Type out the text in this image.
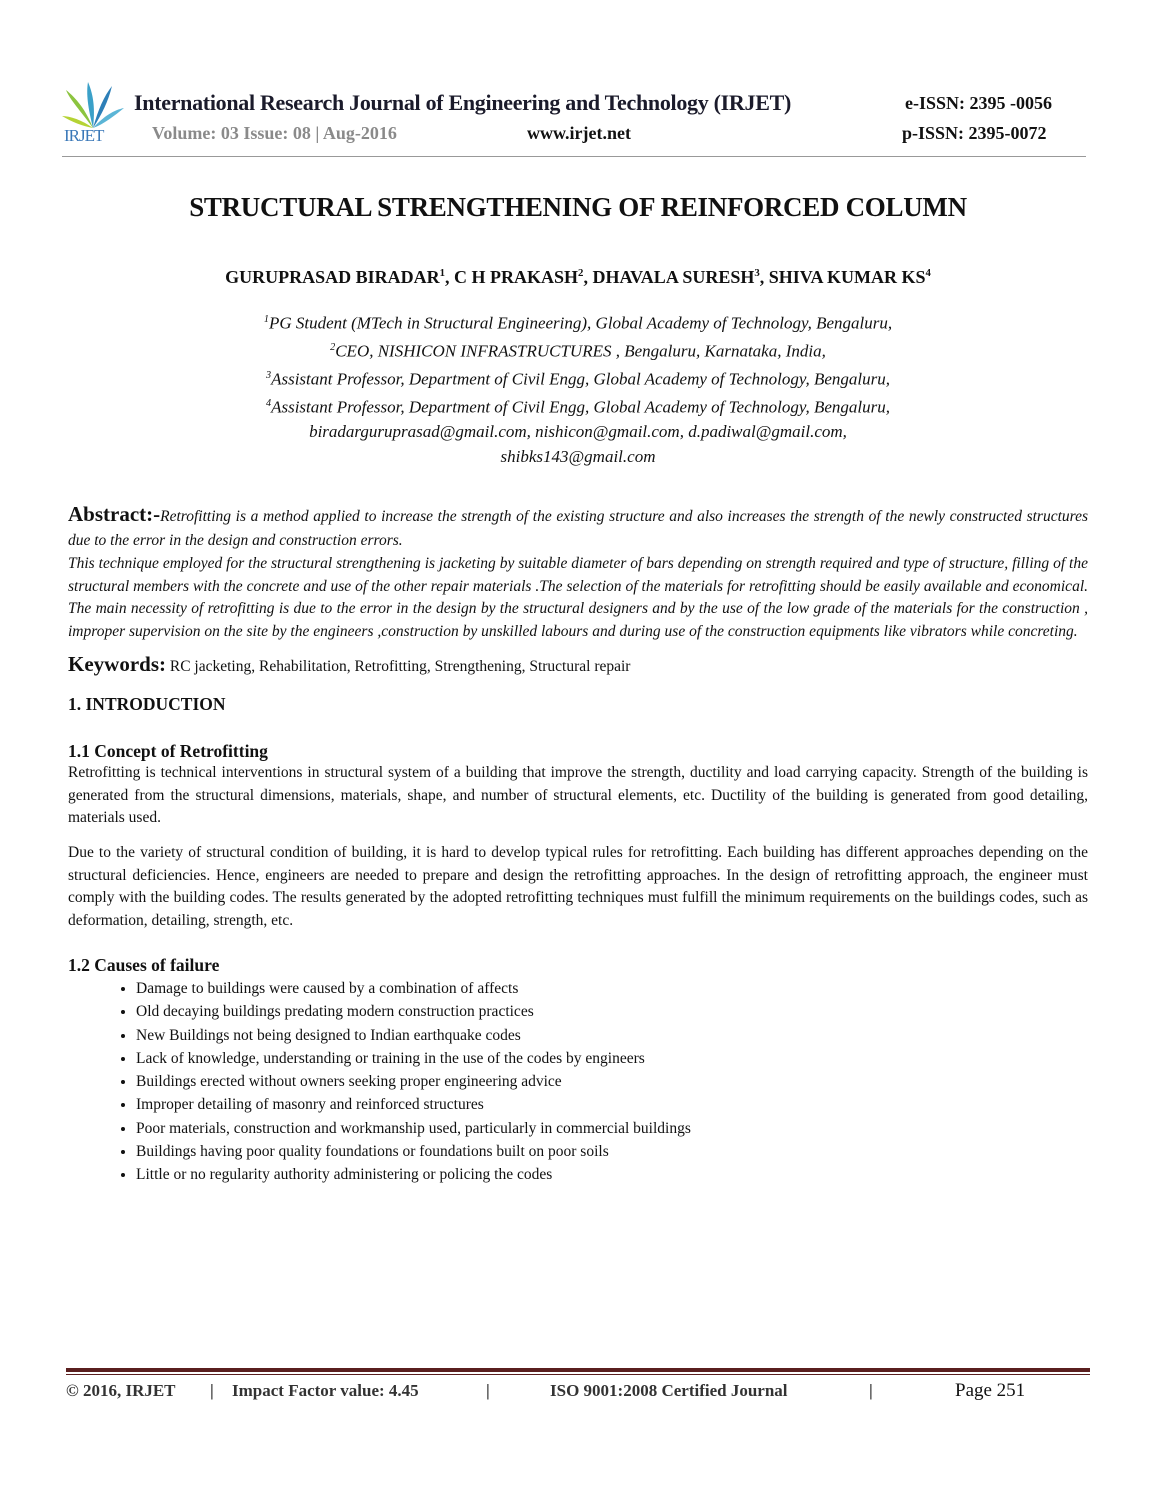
IRJET
International Research Journal of Engineering and Technology (IRJET)	e-ISSN: 2395 -0056
Volume: 03 Issue: 08 | Aug-2016	www.irjet.net	p-ISSN: 2395-0072
STRUCTURAL STRENGTHENING OF REINFORCED COLUMN
GURUPRASAD BIRADAR$^1$, C H PRAKASH$^2$, DHAVALA SURESH$^3$, SHIVA KUMAR $KS^4$
$^1$PG Student (MTech in Structural Engineering), Global Academy of Technology, Bengaluru,
$^2$CEO, NISHICON INFRASTRUCTURES , Bengaluru, Karnataka, India,
$^3$Assistant Professor, Department of Civil Engg, Global Academy of Technology, Bengaluru,
$^4$Assistant Professor, Department of Civil Engg, Global Academy of Technology, Bengaluru,
biradarguruprasad@gmail.com, nishicon@gmail.com, d.padiwal@gmail.com,
shibks143@gmail.com

Abstract:-Retrofitting is a method applied to increase the strength of the existing structure and also increases the strength of the newly constructed structures due to the error in the design and construction errors.

This technique employed for the structural strengthening is jacketing by suitable diameter of bars depending on strength required and type of structure, filling of the structural members with the concrete and use of the other repair materials .The selection of the materials for retrofitting should be easily available and economical. The main necessity of retrofitting is due to the error in the design by the structural designers and by the use of the low grade of the materials for the construction , improper supervision on the site by the engineers ,construction by unskilled labours and during use of the construction equipments like vibrators while concreting.

Keywords: RC jacketing, Rehabilitation, Retrofitting, Strengthening, Structural repair

1. INTRODUCTION

1.1 Concept of Retrofitting

Retrofitting is technical interventions in structural system of a building that improve the strength, ductility and load carrying capacity. Strength of the building is generated from the structural dimensions, materials, shape, and number of structural elements, etc. Ductility of the building is generated from good detailing, materials used.

Due to the variety of structural condition of building, it is hard to develop typical rules for retrofitting. Each building has different approaches depending on the structural deficiencies. Hence, engineers are needed to prepare and design the retrofitting approaches. In the design of retrofitting approach, the engineer must comply with the building codes. The results generated by the adopted retrofitting techniques must fulfill the minimum requirements on the buildings codes, such as deformation, detailing, strength, etc.

1.2 Causes of failure

• Damage to buildings were caused by a combination of affects
• Old decaying buildings predating modern construction practices
• New Buildings not being designed to Indian earthquake codes
• Lack of knowledge, understanding or training in the use of the codes by engineers
• Buildings erected without owners seeking proper engineering advice
• Improper detailing of masonry and reinforced structures
• Poor materials, construction and workmanship used, particularly in commercial buildings
• Buildings having poor quality foundations or foundations built on poor soils
• Little or no regularity authority administering or policing the codes
© 2016, IRJET | Impact Factor value: 4.45	|	ISO 9001:2008 Certified Journal	|	Page 251
